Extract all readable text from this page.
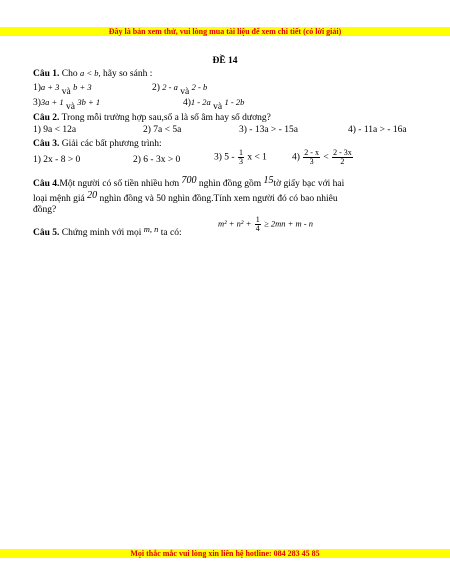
Đây là bản xem thử, vui lòng mua tài liệu để xem chi tiết (có lời giải)
ĐỀ 14
Câu 1. Cho a < b, hãy so sánh :
1)a + 3 và b + 3	2) 2 - a và 2 - b
3)3a + 1 và 3b + 1	4)1 - 2a và 1 - 2b
Câu 2. Trong mỗi trường hợp sau,số a là số âm hay số dương?
1) 9a < 12a	2) 7a < 5a	3) - 13a > - 15a	4) - 11a > - 16a
Câu 3. Giải các bất phương trình:
1) 2x - 8 > 0	2) 6 - 3x > 0	3) $5 - \frac{1}{3}$ x < 1	$4) \frac{2 - x}{3} < \frac{2 - 3x}{2}$
Câu 4.Một người có số tiền nhiều hơn 700 nghìn đồng gồm 15tờ giấy bạc với hai
loại mệnh giá 20 nghìn đồng và 50 nghìn đồng.Tính xem người đó có bao nhiêu
đồng?
Câu 5. Chứng minh với mọi m, n ta có:
$m^2 + n^2 + \frac{1}{4} \ge 2mn + m - n$
Mọi thắc mắc vui lòng xin liên hệ hotline: 084 283 45 85
